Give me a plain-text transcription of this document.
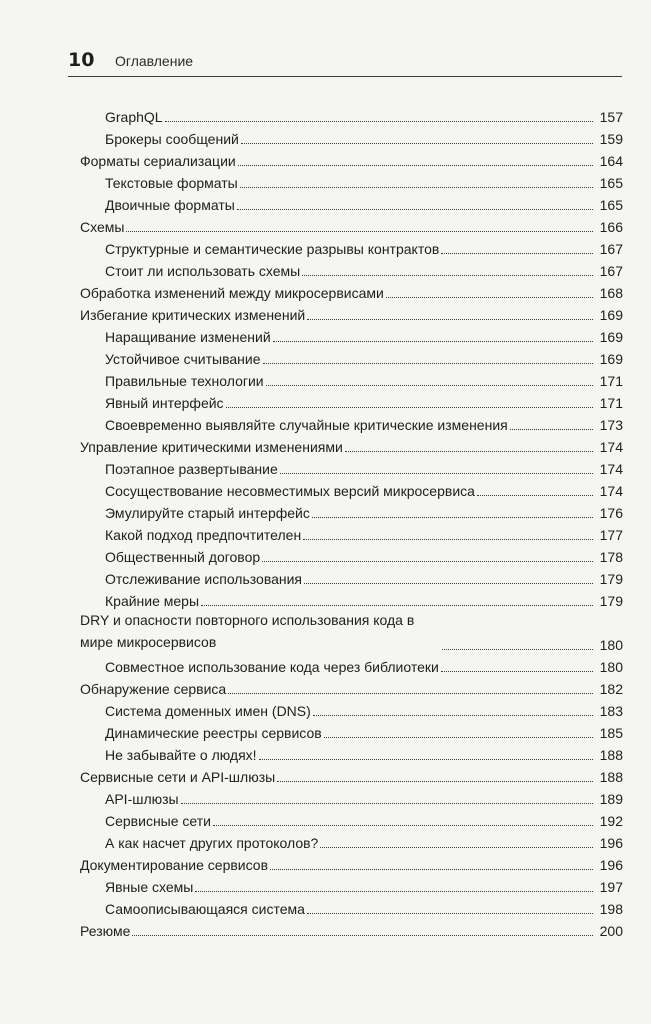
10 Оглавление
GraphQL	157
Брокеры сообщений	159
Форматы сериализации	164
Текстовые форматы	165
Двоичные форматы	165
Схемы	166
Структурные и семантические разрывы контрактов	167
Стоит ли использовать схемы	167
Обработка изменений между микросервисами	168
Избегание критических изменений	169
Наращивание изменений	169
Устойчивое считывание	169
Правильные технологии	171
Явный интерфейс	171
Своевременно выявляйте случайные критические изменения	173
Управление критическими изменениями	174
Поэтапное развертывание	174
Сосуществование несовместимых версий микросервиса	174
Эмулируйте старый интерфейс	176
Какой подход предпочтителен	177
Общественный договор	178
Отслеживание использования	179
Крайние меры	179
DRY и опасности повторного использования кода в мире микросервисов	180
Совместное использование кода через библиотеки	180
Обнаружение сервиса	182
Система доменных имен (DNS)	183
Динамические реестры сервисов	185
Не забывайте о людях!	188
Сервисные сети и API-шлюзы	188
API-шлюзы	189
Сервисные сети	192
А как насчет других протоколов?	196
Документирование сервисов	196
Явные схемы	197
Самоописывающаяся система	198
Резюме	200
